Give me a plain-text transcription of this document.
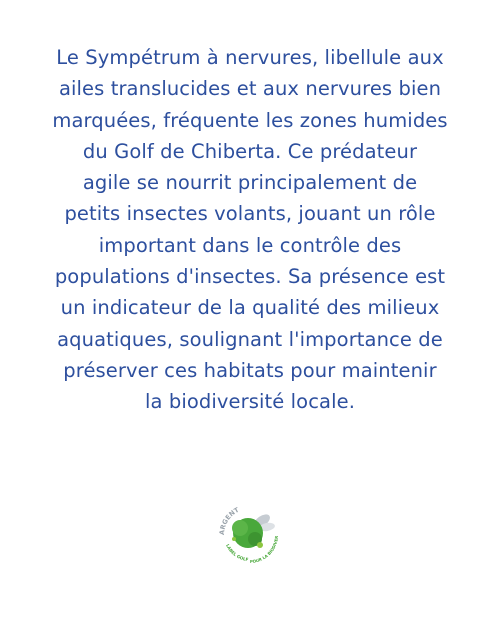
Le Sympétrum à nervures, libellule aux
ailes translucides et aux nervures bien
marquées, fréquente les zones humides
du Golf de Chiberta. Ce prédateur
agile se nourrit principalement de
petits insectes volants, jouant un rôle
important dans le contrôle des
populations d'insectes. Sa présence est
un indicateur de la qualité des milieux
aquatiques, soulignant l'importance de
préserver ces habitats pour maintenir
la biodiversité locale.
ARGENT
LABEL GOLF POUR LA BIODIVER
